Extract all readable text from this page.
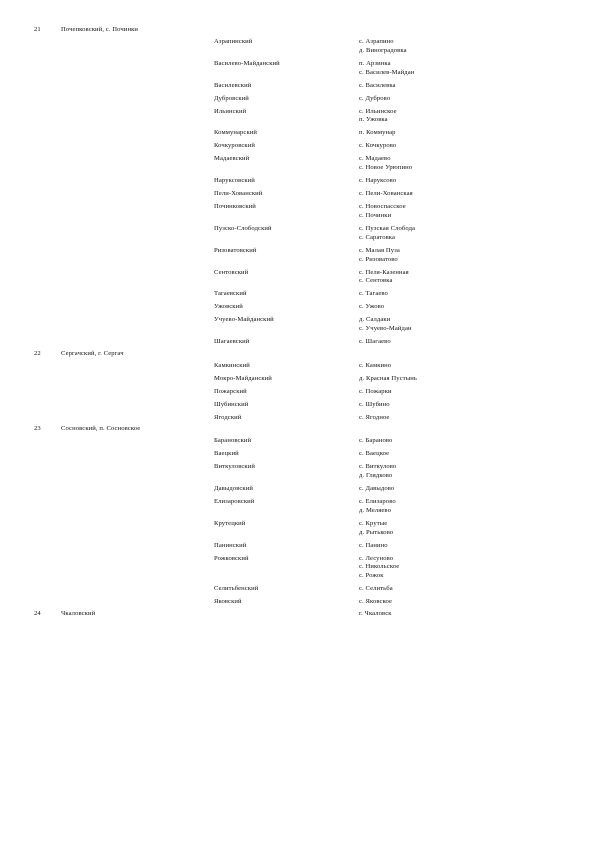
21	Почепковский, с. Починки
Азрапинский	с. Азрапино
д. Виноградовка
Василево-Майданский	п. Арзинка
с. Василев-Майдан
Василевский	с. Василевка
Дубровский	с. Дуброво
Ильинский	с. Ильинское
п. Ужовка
Коммунарский	п. Коммунар
Кочкуровский	с. Кочкурово
Мадаевский	с. Мадаево
с. Новое Урюпино
Наруксовский	с. Наруксово
Пели-Хованский	с. Пели-Хованская
Починковский	с. Новоспасское
с. Починки
Пузско-Слободский	с. Пузская Слобода
с. Саратовка
Ризоватовский	с. Малая Пуза
с. Ризоватово
Сентовский	с. Пеля-Казенная
с. Сентовка
Тагаевский	с. Тагаево
Ужовский	с. Ужово
Учуево-Майданский	д. Салдаки
с. Учуево-Майдан
Шагаевский	с. Шагаево
22	Сергачский, г. Сергач
Камкинский	с. Камкино
Мокро-Майданский	д. Красная Пустынь
Пожарский	с. Пожарки
Шубинский	с. Шубино
Ягодский	с. Ягодное
23	Сосновский, п. Сосновское
Барановский	с. Бараново
Ваецкий	с. Ваецкое
Виткуловский	с. Виткулово
д. Глядково
Давыдовский	с. Давыдово
Елизаровский	с. Елизарово
д. Меляево
Крутецкий	с. Крутые
д. Рытьково
Панинский	с. Панино
Рожковский	с. Лесуново
с. Никольское
с. Рожок
Селитьбенский	с. Селитьба
Яковский	с. Яковское
24	Чкаловский	г. Чкаловск
